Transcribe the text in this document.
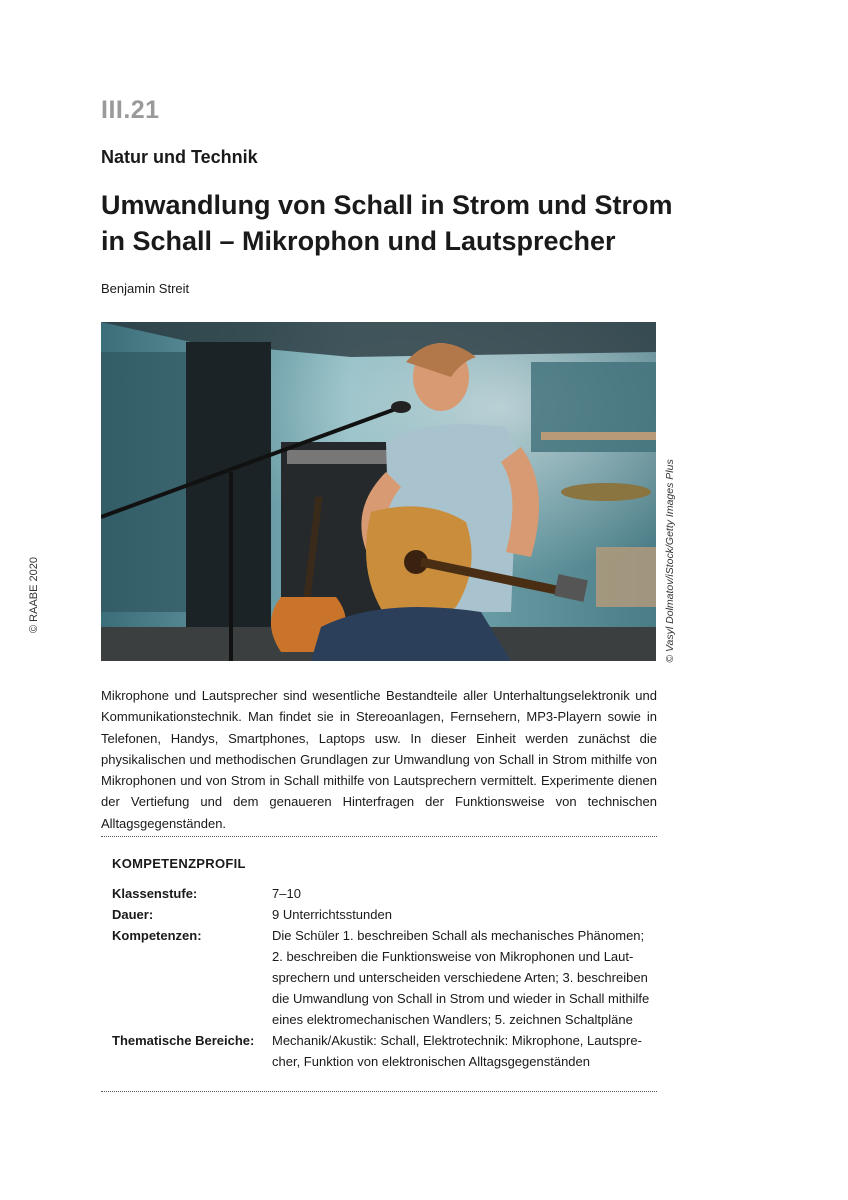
© RAABE 2020
III.21
Natur und Technik
Umwandlung von Schall in Strom und Strom
in Schall – Mikrophon und Lautsprecher
Benjamin Streit
© Vasyl Dolmatov/iStock/Getty Images Plus
Mikrophone und Lautsprecher sind wesentliche Bestandteile aller Unterhaltungselektronik und Kommunikationstechnik. Man findet sie in Stereoanlagen, Fernsehern, MP3-Playern sowie in Telefonen, Handys, Smartphones, Laptops usw. In dieser Einheit werden zunächst die physikalischen und methodischen Grundlagen zur Umwandlung von Schall in Strom mithilfe von Mikrophonen und von Strom in Schall mithilfe von Lautsprechern vermittelt. Experimente dienen der Vertiefung und dem genaueren Hinterfragen der Funktionsweise von technischen Alltagsgegenständen.
KOMPETENZPROFIL
Klassenstufe:	7–10
Dauer:	9 Unterrichtsstunden
Kompetenzen:	Die Schüler 1. beschreiben Schall als mechanisches Phänomen; 2. beschreiben die Funktionsweise von Mikrophonen und Lautsprechern und unterscheiden verschiedene Arten; 3. beschreiben die Umwandlung von Schall in Strom und wieder in Schall mithilfe eines elektromechanischen Wandlers; 5. zeichnen Schaltpläne
Thematische Bereiche: Mechanik/Akustik: Schall, Elektrotechnik: Mikrophone, Lautsprecher, Funktion von elektronischen Alltagsgegenständen
